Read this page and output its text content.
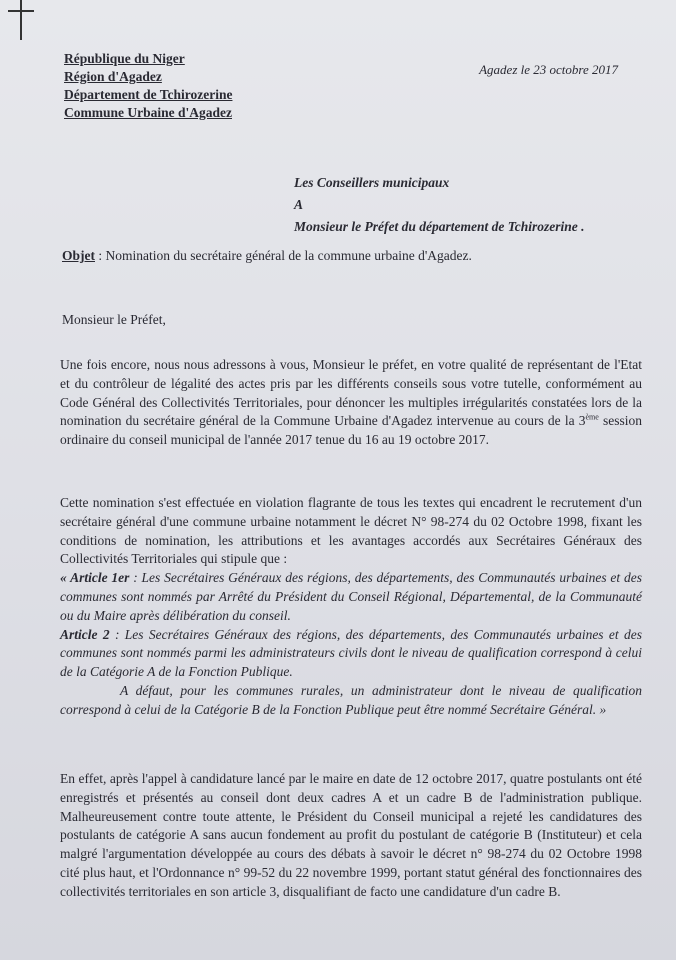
République du Niger
Région d'Agadez
Département de Tchirozerine
Commune Urbaine d'Agadez
Agadez le 23 octobre 2017
Les Conseillers municipaux
A
Monsieur le Préfet du département de Tchirozerine .
Objet : Nomination du secrétaire général de la commune urbaine d'Agadez.
Monsieur le Préfet,
Une fois encore, nous nous adressons à vous, Monsieur le préfet, en votre qualité de représentant de l'Etat et du contrôleur de légalité des actes pris par les différents conseils sous votre tutelle, conformément au Code Général des Collectivités Territoriales, pour dénoncer les multiples irrégularités constatées lors de la nomination du secrétaire général de la Commune Urbaine d'Agadez intervenue au cours de la 3ème session ordinaire du conseil municipal de l'année 2017 tenue du 16 au 19 octobre 2017.
Cette nomination s'est effectuée en violation flagrante de tous les textes qui encadrent le recrutement d'un secrétaire général d'une commune urbaine notamment le décret N° 98-274 du 02 Octobre 1998, fixant les conditions de nomination, les attributions et les avantages accordés aux Secrétaires Généraux des Collectivités Territoriales qui stipule que :
« Article 1er : Les Secrétaires Généraux des régions, des départements, des Communautés urbaines et des communes sont nommés par Arrêté du Président du Conseil Régional, Départemental, de la Communauté ou du Maire après délibération du conseil.
Article 2 : Les Secrétaires Généraux des régions, des départements, des Communautés urbaines et des communes sont nommés parmi les administrateurs civils dont le niveau de qualification correspond à celui de la Catégorie A de la Fonction Publique.
A défaut, pour les communes rurales, un administrateur dont le niveau de qualification correspond à celui de la Catégorie B de la Fonction Publique peut être nommé Secrétaire Général. »
En effet, après l'appel à candidature lancé par le maire en date de 12 octobre 2017, quatre postulants ont été enregistrés et présentés au conseil dont deux cadres A et un cadre B de l'administration publique. Malheureusement contre toute attente, le Président du Conseil municipal a rejeté les candidatures des postulants de catégorie A sans aucun fondement au profit du postulant de catégorie B (Instituteur) et cela malgré l'argumentation développée au cours des débats à savoir le décret n° 98-274 du 02 Octobre 1998 cité plus haut, et l'Ordonnance n° 99-52 du 22 novembre 1999, portant statut général des fonctionnaires des collectivités territoriales en son article 3, disqualifiant de facto une candidature d'un cadre B.
